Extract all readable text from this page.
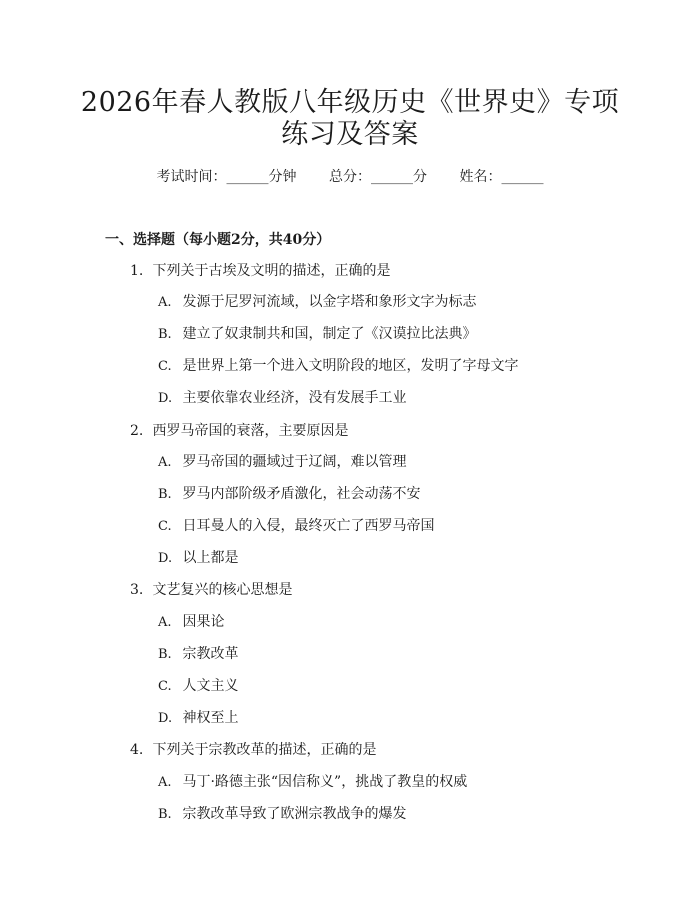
2026年春人教版八年级历史《世界史》专项
练习及答案
考试时间：______分钟 总分：______分 姓名：______
一、选择题（每小题2分，共40分）
1. 下列关于古埃及文明的描述，正确的是
A. 发源于尼罗河流域，以金字塔和象形文字为标志
B. 建立了奴隶制共和国，制定了《汉谟拉比法典》
C. 是世界上第一个进入文明阶段的地区，发明了字母文字
D. 主要依靠农业经济，没有发展手工业
2. 西罗马帝国的衰落，主要原因是
A. 罗马帝国的疆域过于辽阔，难以管理
B. 罗马内部阶级矛盾激化，社会动荡不安
C. 日耳曼人的入侵，最终灭亡了西罗马帝国
D. 以上都是
3. 文艺复兴的核心思想是
A. 因果论
B. 宗教改革
C. 人文主义
D. 神权至上
4. 下列关于宗教改革的描述，正确的是
A. 马丁·路德主张“因信称义”，挑战了教皇的权威
B. 宗教改革导致了欧洲宗教战争的爆发
